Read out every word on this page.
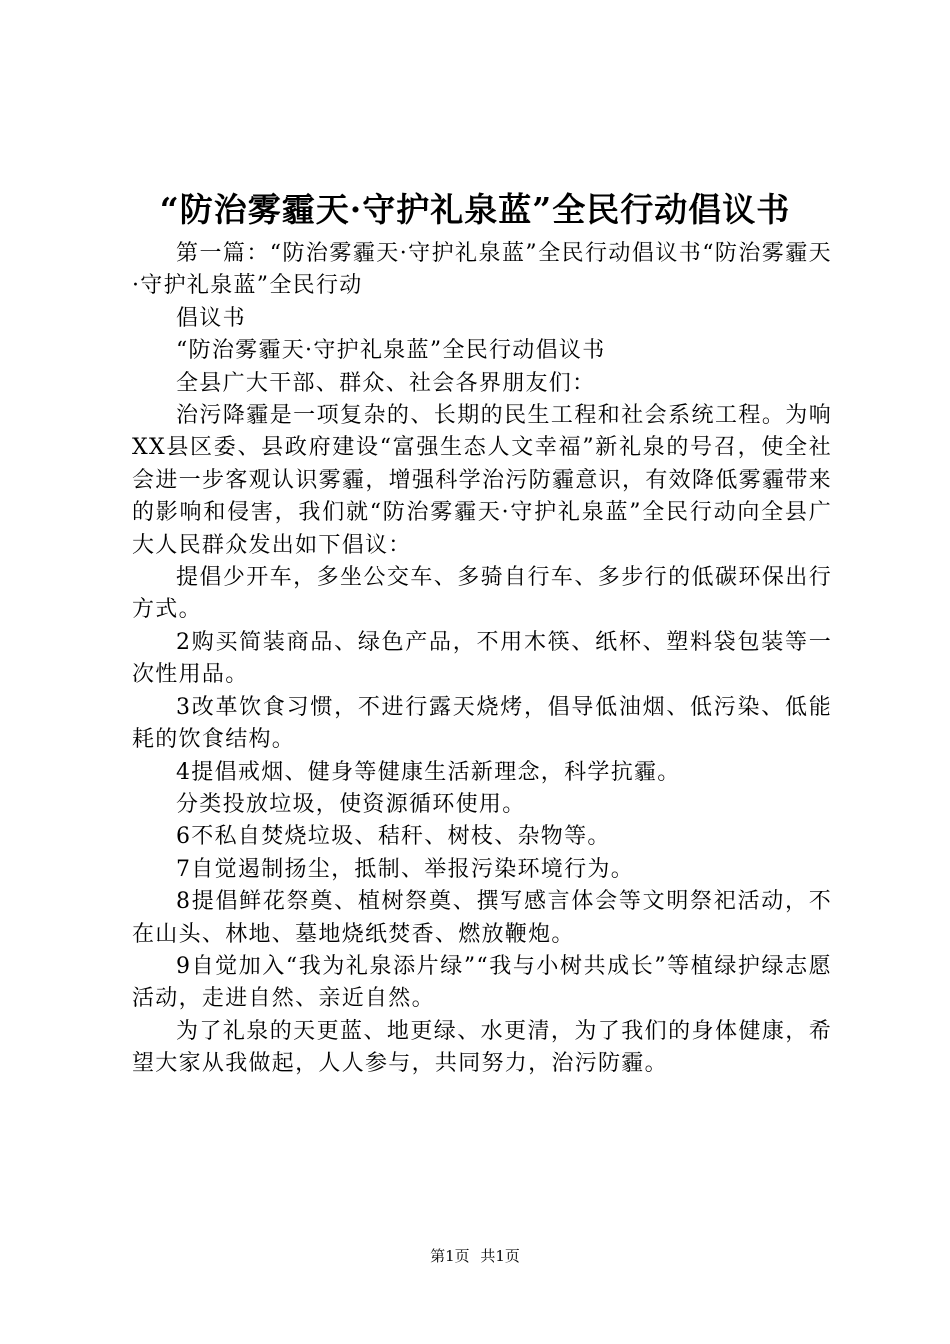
“防治雾霾天·守护礼泉蓝”全民行动倡议书

第一篇：“防治雾霾天·守护礼泉蓝”全民行动倡议书“防治雾霾天·守护礼泉蓝”全民行动

倡议书

“防治雾霾天·守护礼泉蓝”全民行动倡议书

全县广大干部、群众、社会各界朋友们：

治污降霾是一项复杂的、长期的民生工程和社会系统工程。为响XX县区委、县政府建设“富强生态人文幸福”新礼泉的号召，使全社会进一步客观认识雾霾，增强科学治污防霾意识，有效降低雾霾带来的影响和侵害，我们就“防治雾霾天·守护礼泉蓝”全民行动向全县广大人民群众发出如下倡议：

提倡少开车，多坐公交车、多骑自行车、多步行的低碳环保出行方式。

2购买简装商品、绿色产品，不用木筷、纸杯、塑料袋包装等一次性用品。

3改革饮食习惯，不进行露天烧烤，倡导低油烟、低污染、低能耗的饮食结构。

4提倡戒烟、健身等健康生活新理念，科学抗霾。

分类投放垃圾，使资源循环使用。

6不私自焚烧垃圾、秸秆、树枝、杂物等。

7自觉遏制扬尘，抵制、举报污染环境行为。

8提倡鲜花祭奠、植树祭奠、撰写感言体会等文明祭祀活动，不在山头、林地、墓地烧纸焚香、燃放鞭炮。

9自觉加入“我为礼泉添片绿”“我与小树共成长”等植绿护绿志愿活动，走进自然、亲近自然。

为了礼泉的天更蓝、地更绿、水更清，为了我们的身体健康，希望大家从我做起，人人参与，共同努力，治污防霾。

第1页 共1页
